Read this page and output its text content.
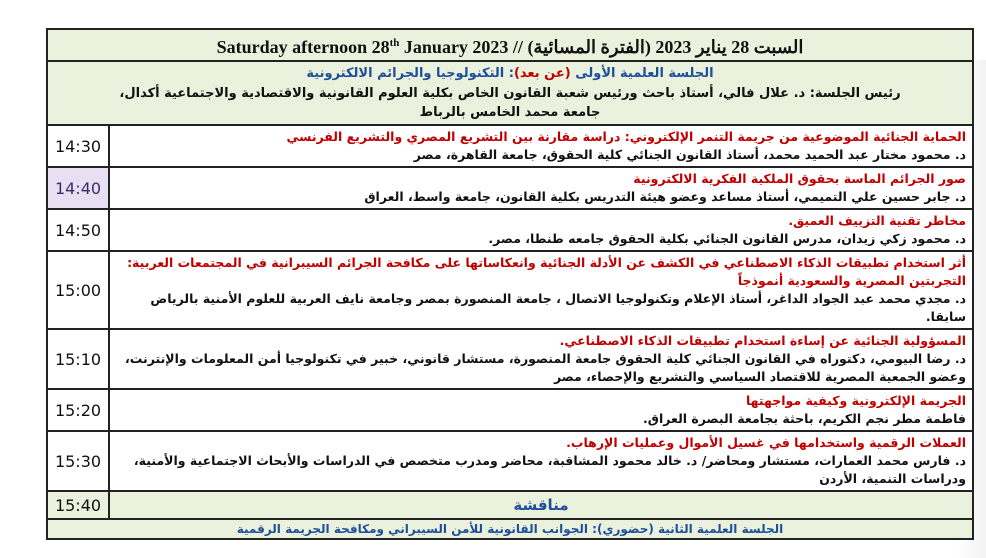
Saturday afternoon 28th January 2023 // السبت 28 يناير 2023 (الفترة المسائية)	

الجلسة العلمية الأولى (عن بعد): التكنولوجيا والجرائم الالكترونية
رئيس الجلسة: د. علال فالي، أستاذ باحث ورئيس شعبة القانون الخاص بكلية العلوم القانونية والاقتصادية والاجتماعية أكدال،
جامعة محمد الخامس بالرباط	

الحماية الجنائية الموضوعية من جريمة التنمر الإلكتروني: دراسة مقارنة بين التشريع المصري والتشريع الفرنسي
د. محمود مختار عبد الحميد محمد، أستاذ القانون الجنائي كلية الحقوق، جامعة القاهرة، مصر	14:30

صور الجرائم الماسة بحقوق الملكية الفكرية الالكترونية
د. جابر حسين علي التميمي، أستاذ مساعد وعضو هيئة التدريس بكلية القانون، جامعة واسط، العراق	14:40

مخاطر تقنية التزييف العميق.
د. محمود زكي زيدان، مدرس القانون الجنائي بكلية الحقوق جامعه طنطا، مصر.	14:50

أثر استخدام تطبيقات الذكاء الاصطناعي في الكشف عن الأدلة الجنائية وانعكاساتها على مكافحة الجرائم السيبرانية في المجتمعات العربية: التجربتين المصرية والسعودية أنموذجاً
د. مجدي محمد عبد الجواد الداغر، أستاذ الإعلام وتكنولوجيا الاتصال ، جامعة المنصورة بمصر وجامعة نايف العربية للعلوم الأمنية بالرياض سابقا.	15:00

المسؤولية الجنائية عن إساءة استخدام تطبيقات الذكاء الاصطناعي.
د. رضا البيومي، دكتوراه في القانون الجنائي كلية الحقوق جامعة المنصورة، مستشار قانوني، خبير في تكنولوجيا أمن المعلومات والإنترنت، وعضو الجمعية المصرية للاقتصاد السياسي والتشريع والإحصاء، مصر	15:10

الجريمة الإلكترونية وكيفية مواجهتها
فاطمة مطر نجم الكريم، باحثة بجامعة البصرة العراق.	15:20

العملات الرقمية واستخدامها في غسيل الأموال وعمليات الإرهاب.
د. فارس محمد العمارات، مستشار ومحاضر/ د. خالد محمود المشاقبة، محاضر ومدرب متخصص في الدراسات والأبحاث الاجتماعية والأمنية، ودراسات التنمية، الأردن	15:30
مناقشة	15:40

الجلسة العلمية الثانية (حضوري): الجوانب القانونية للأمن السيبراني ومكافحة الجريمة الرقمية	
